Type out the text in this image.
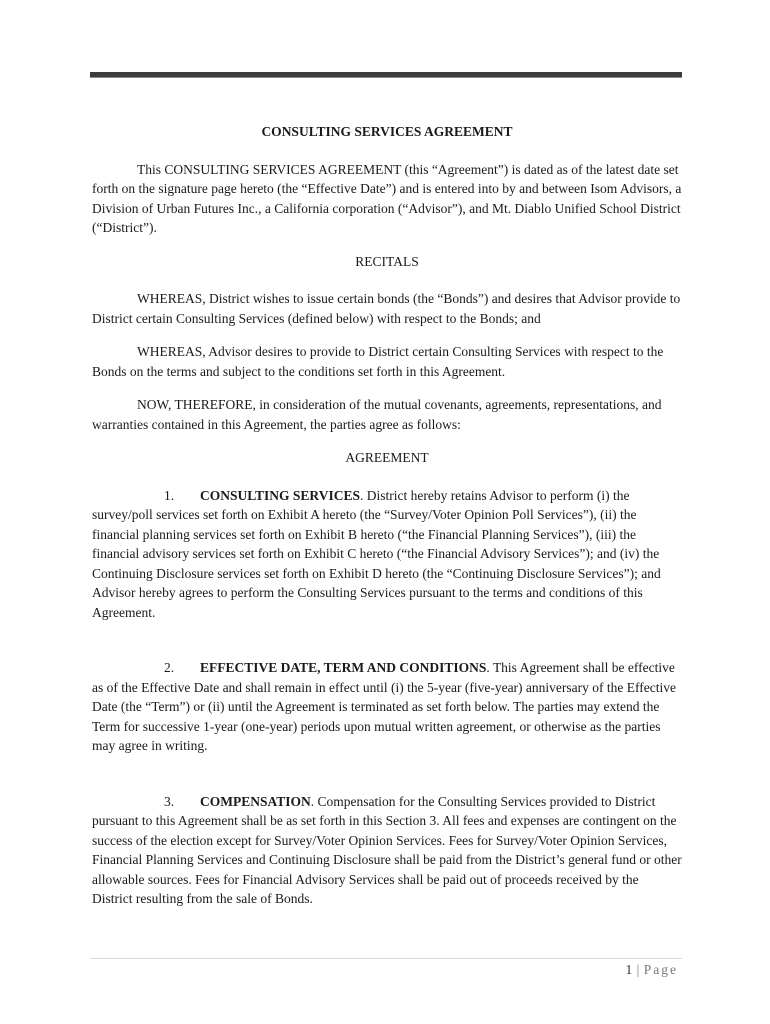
CONSULTING SERVICES AGREEMENT

This CONSULTING SERVICES AGREEMENT (this “Agreement”) is dated as of the latest date set forth on the signature page hereto (the “Effective Date”) and is entered into by and between Isom Advisors, a Division of Urban Futures Inc., a California corporation (“Advisor”), and Mt. Diablo Unified School District (“District”).

RECITALS

WHEREAS, District wishes to issue certain bonds (the “Bonds”) and desires that Advisor provide to District certain Consulting Services (defined below) with respect to the Bonds; and

WHEREAS, Advisor desires to provide to District certain Consulting Services with respect to the Bonds on the terms and subject to the conditions set forth in this Agreement.

NOW, THEREFORE, in consideration of the mutual covenants, agreements, representations, and warranties contained in this Agreement, the parties agree as follows:

AGREEMENT

1. CONSULTING SERVICES. District hereby retains Advisor to perform (i) the survey/poll services set forth on Exhibit A hereto (the “Survey/Voter Opinion Poll Services”), (ii) the financial planning services set forth on Exhibit B hereto (“the Financial Planning Services”), (iii) the financial advisory services set forth on Exhibit C hereto (“the Financial Advisory Services”); and (iv) the Continuing Disclosure services set forth on Exhibit D hereto (the “Continuing Disclosure Services”); and Advisor hereby agrees to perform the Consulting Services pursuant to the terms and conditions of this Agreement.

2. EFFECTIVE DATE, TERM AND CONDITIONS. This Agreement shall be effective as of the Effective Date and shall remain in effect until (i) the 5-year (five-year) anniversary of the Effective Date (the “Term”) or (ii) until the Agreement is terminated as set forth below. The parties may extend the Term for successive 1-year (one-year) periods upon mutual written agreement, or otherwise as the parties may agree in writing.

3. COMPENSATION. Compensation for the Consulting Services provided to District pursuant to this Agreement shall be as set forth in this Section 3. All fees and expenses are contingent on the success of the election except for Survey/Voter Opinion Services. Fees for Survey/Voter Opinion Services, Financial Planning Services and Continuing Disclosure shall be paid from the District’s general fund or other allowable sources. Fees for Financial Advisory Services shall be paid out of proceeds received by the District resulting from the sale of Bonds.

1 | Page
